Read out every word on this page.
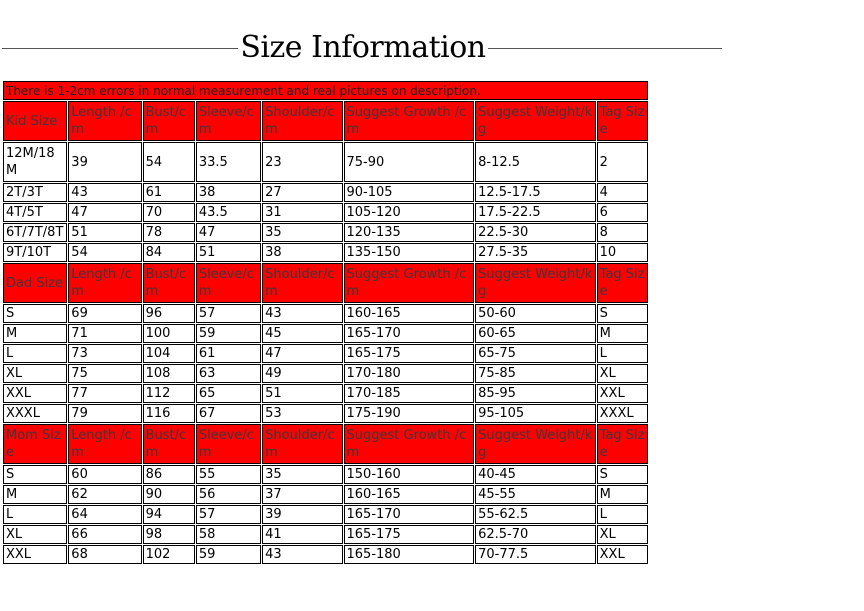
Size Information
There is 1-2cm errors in normal measurement and real pictures on description.							
Kid Size	Length /cm	Bust/cm	Sleeve/cm	Shoulder/cm	Suggest Growth /cm	Suggest Weight/kg	Tag Size
12M/18M	39	54	33.5	23	75-90	8-12.5	2
2T/3T	43	61	38	27	90-105	12.5-17.5	4
4T/5T	47	70	43.5	31	105-120	17.5-22.5	6
6T/7T/8T	51	78	47	35	120-135	22.5-30	8
9T/10T	54	84	51	38	135-150	27.5-35	10
Dad Size	Length /cm	Bust/cm	Sleeve/cm	Shoulder/cm	Suggest Growth /cm	Suggest Weight/kg	Tag Size
S	69	96	57	43	160-165	50-60	S
M	71	100	59	45	165-170	60-65	M
L	73	104	61	47	165-175	65-75	L
XL	75	108	63	49	170-180	75-85	XL
XXL	77	112	65	51	170-185	85-95	XXL
XXXL	79	116	67	53	175-190	95-105	XXXL
Mom Size	Length /cm	Bust/cm	Sleeve/cm	Shoulder/cm	Suggest Growth /cm	Suggest Weight/kg	Tag Size
S	60	86	55	35	150-160	40-45	S
M	62	90	56	37	160-165	45-55	M
L	64	94	57	39	165-170	55-62.5	L
XL	66	98	58	41	165-175	62.5-70	XL
XXL	68	102	59	43	165-180	70-77.5	XXL
